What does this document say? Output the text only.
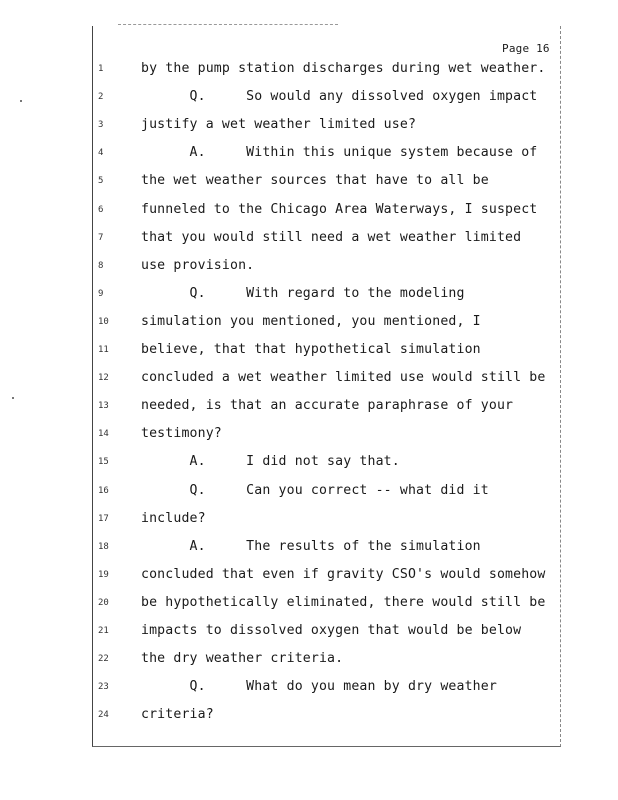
Page 16
1	by the pump station discharges during wet weather.
2	Q.     So would any dissolved oxygen impact
3	justify a wet weather limited use?
4	A.     Within this unique system because of
5	the wet weather sources that have to all be
6	funneled to the Chicago Area Waterways, I suspect
7	that you would still need a wet weather limited
8	use provision.
9	Q.     With regard to the modeling
10	simulation you mentioned, you mentioned, I
11	believe, that that hypothetical simulation
12	concluded a wet weather limited use would still be
13	needed, is that an accurate paraphrase of your
14	testimony?
15	A.     I did not say that.
16	Q.     Can you correct -- what did it
17	include?
18	A.     The results of the simulation
19	concluded that even if gravity CSO's would somehow
20	be hypothetically eliminated, there would still be
21	impacts to dissolved oxygen that would be below
22	the dry weather criteria.
23	Q.     What do you mean by dry weather
24	criteria?
